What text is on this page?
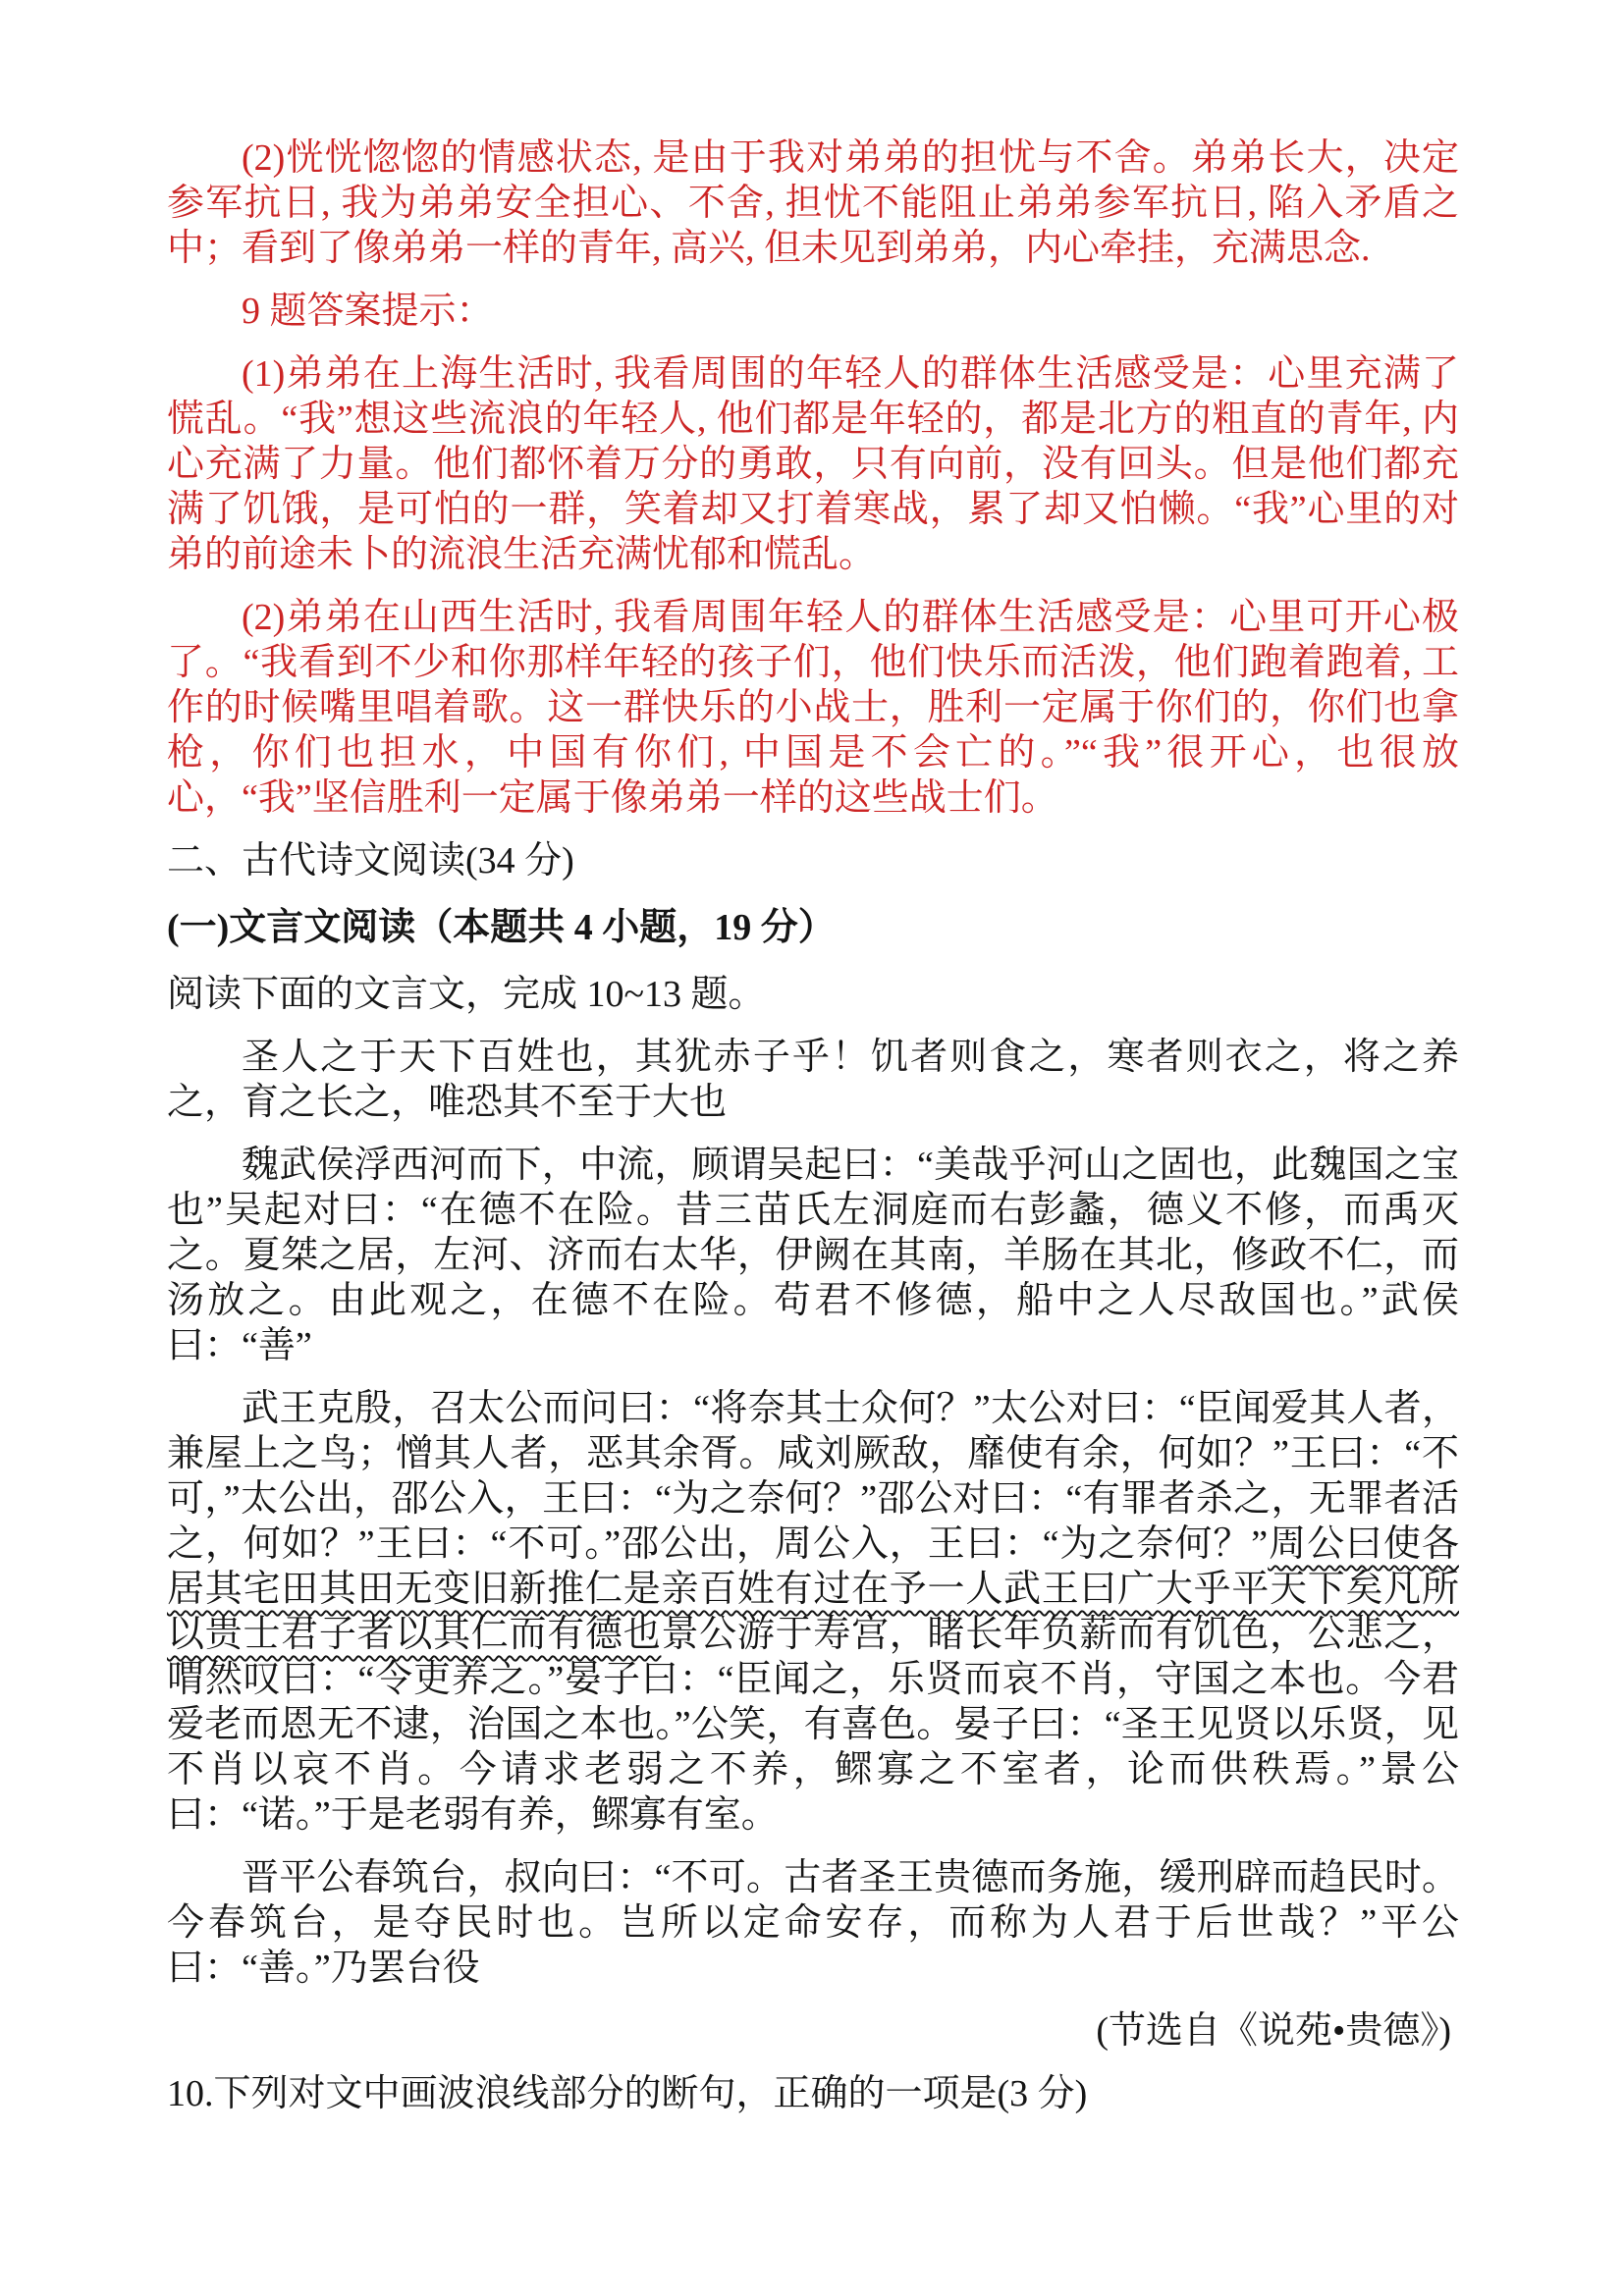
(2)恍恍惚惚的情感状态, 是由于我对弟弟的担忧与不舍。弟弟长大，决定参军抗日, 我为弟弟安全担心、不舍, 担忧不能阻止弟弟参军抗日, 陷入矛盾之中；看到了像弟弟一样的青年, 高兴, 但未见到弟弟，内心牵挂，充满思念.

9 题答案提示：

(1)弟弟在上海生活时, 我看周围的年轻人的群体生活感受是：心里充满了慌乱。“我”想这些流浪的年轻人, 他们都是年轻的，都是北方的粗直的青年, 内心充满了力量。他们都怀着万分的勇敢，只有向前，没有回头。但是他们都充满了饥饿，是可怕的一群，笑着却又打着寒战，累了却又怕懒。“我”心里的对弟的前途未卜的流浪生活充满忧郁和慌乱。

(2)弟弟在山西生活时, 我看周围年轻人的群体生活感受是：心里可开心极了。“我看到不少和你那样年轻的孩子们，他们快乐而活泼，他们跑着跑着, 工作的时候嘴里唱着歌。这一群快乐的小战士，胜利一定属于你们的，你们也拿枪，你们也担水，中国有你们, 中国是不会亡的。”“我”很开心，也很放心，“我”坚信胜利一定属于像弟弟一样的这些战士们。

二、古代诗文阅读(34 分)
(一)文言文阅读（本题共 4 小题，19 分）

阅读下面的文言文，完成 10~13 题。

圣人之于天下百姓也，其犹赤子乎！饥者则食之，寒者则衣之，将之养之，育之长之，唯恐其不至于大也

魏武侯浮西河而下，中流，顾谓吴起曰：“美哉乎河山之固也，此魏国之宝也”吴起对曰：“在德不在险。昔三苗氏左洞庭而右彭蠡，德义不修，而禹灭之。夏桀之居，左河、济而右太华，伊阙在其南，羊肠在其北，修政不仁，而汤放之。由此观之，在德不在险。苟君不修德，船中之人尽敌国也。”武侯曰：“善”

武王克殷，召太公而问曰：“将奈其士众何？”太公对曰：“臣闻爱其人者，兼屋上之鸟；憎其人者，恶其余胥。咸刘厥敌，靡使有余，何如？”王曰：“不可，”太公出，邵公入，王曰：“为之奈何？”邵公对曰：“有罪者杀之，无罪者活之，何如？”王曰：“不可。”邵公出，周公入，王曰：“为之奈何？”周公曰使各居其宅田其田无变旧新推仁是亲百姓有过在予一人武王曰广大乎平天下矣凡所以贵士君子者以其仁而有德也景公游于寿宫，睹长年负薪而有饥色，公悲之，喟然叹曰：“令吏养之。”晏子曰：“臣闻之，乐贤而哀不肖，守国之本也。今君爱老而恩无不逮，治国之本也。”公笑，有喜色。晏子曰：“圣王见贤以乐贤，见不肖以哀不肖。今请求老弱之不养，鳏寡之不室者，论而供秩焉。”景公曰：“诺。”于是老弱有养，鳏寡有室。

晋平公春筑台，叔向曰：“不可。古者圣王贵德而务施，缓刑辟而趋民时。今春筑台，是夺民时也。岂所以定命安存，而称为人君于后世哉？”平公曰：“善。”乃罢台役

(节选自《说苑•贵德》)

10.下列对文中画波浪线部分的断句，正确的一项是(3 分)
